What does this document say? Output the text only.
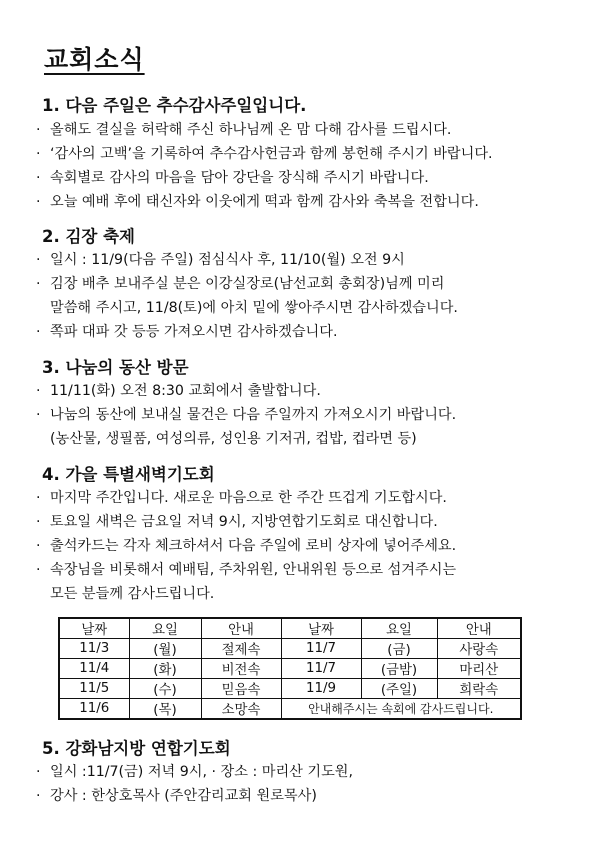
교회소식
1. 다음 주일은 추수감사주일입니다.
· 올해도 결실을 허락해 주신 하나님께 온 맘 다해 감사를 드립시다.
· ‘감사의 고백’을 기록하여 추수감사헌금과 함께 봉헌해 주시기 바랍니다.
· 속회별로 감사의 마음을 담아 강단을 장식해 주시기 바랍니다.
· 오늘 예배 후에 태신자와 이웃에게 떡과 함께 감사와 축복을 전합니다.
2. 김장 축제
· 일시 : 11/9(다음 주일) 점심식사 후, 11/10(월) 오전 9시
· 김장 배추 보내주실 분은 이강실장로(남선교회 총회장)님께 미리
말씀해 주시고, 11/8(토)에 아치 밑에 쌓아주시면 감사하겠습니다.
· 쪽파 대파 갓 등등 가져오시면 감사하겠습니다.
3. 나눔의 동산 방문
· 11/11(화) 오전 8:30 교회에서 출발합니다.
· 나눔의 동산에 보내실 물건은 다음 주일까지 가져오시기 바랍니다.
(농산물, 생필품, 여성의류, 성인용 기저귀, 컵밥, 컵라면 등)
4. 가을 특별새벽기도회
· 마지막 주간입니다. 새로운 마음으로 한 주간 뜨겁게 기도합시다.
· 토요일 새벽은 금요일 저녁 9시, 지방연합기도회로 대신합니다.
· 출석카드는 각자 체크하셔서 다음 주일에 로비 상자에 넣어주세요.
· 속장님을 비롯해서 예배팀, 주차위원, 안내위원 등으로 섬겨주시는
모든 분들께 감사드립니다.
날짜	요일	안내	날짜	요일	안내
11/3	(월)	절제속	11/7	(금)	사랑속
11/4	(화)	비전속	11/7	(금밤)	마리산
11/5	(수)	믿음속	11/9	(주일)	희락속
11/6	(목)	소망속	안내해주시는 속회에 감사드립니다.		
5. 강화남지방 연합기도회
· 일시 :11/7(금) 저녁 9시, · 장소 : 마리산 기도원,
· 강사 : 한상호목사 (주안감리교회 원로목사)
